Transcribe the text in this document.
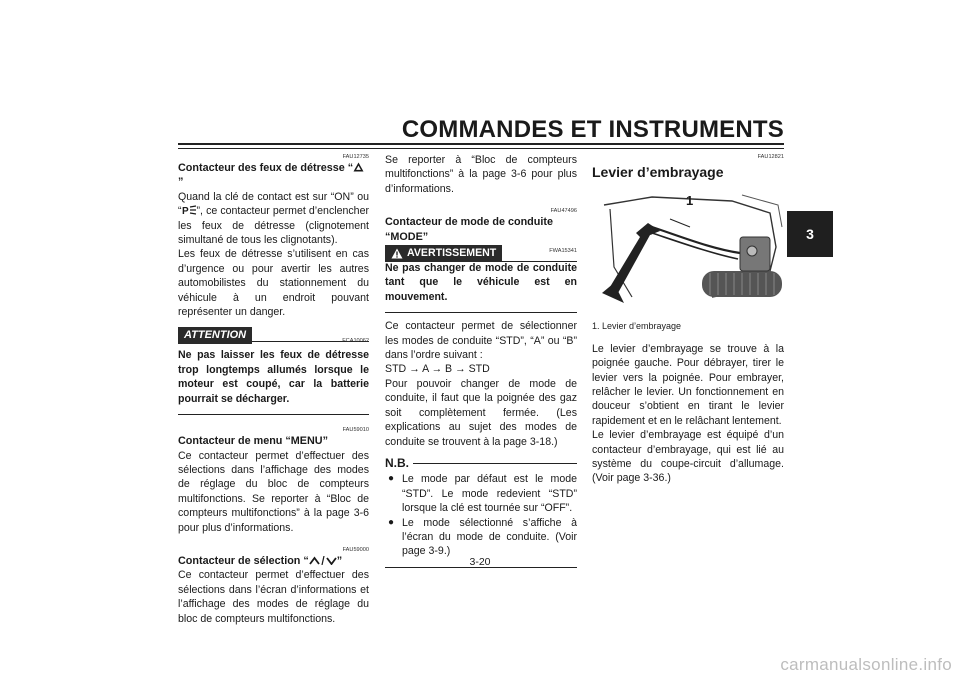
COMMANDES ET INSTRUMENTS
3
FAU12735
Contacteur des feux de détresse “”
Quand la clé de contact est sur “ON” ou “ P ”, ce contacteur permet d’enclencher les feux de détresse (clignotement simultané de tous les clignotants).
Les feux de détresse s’utilisent en cas d’urgence ou pour avertir les autres automobilistes du stationnement du véhicule à un endroit pouvant représenter un danger.
ATTENTION	FCA10062
Ne pas laisser les feux de détresse trop longtemps allumés lorsque le moteur est coupé, car la batterie pourrait se décharger.
FAU59010
Contacteur de menu “MENU”
Ce contacteur permet d’effectuer des sélections dans l’affichage des modes de réglage du bloc de compteurs multifonctions. Se reporter à “Bloc de compteurs multifonctions” à la page 3-6 pour plus d’informations.
FAU59000
Contacteur de sélection “	”
Ce contacteur permet d’effectuer des sélections dans l’écran d’informations et l’affichage des modes de réglage du bloc de compteurs multifonctions.
Se reporter à “Bloc de compteurs multifonctions” à la page 3-6 pour plus d’informations.
FAU47496
Contacteur de mode de conduite “MODE”
AVERTISSEMENT	FWA15341
Ne pas changer de mode de conduite tant que le véhicule est en mouvement.
Ce contacteur permet de sélectionner les modes de conduite “STD”, “A” ou “B” dans l’ordre suivant :
STD → A → B → STD
Pour pouvoir changer de mode de conduite, il faut que la poignée des gaz soit complètement fermée. (Les explications au sujet des modes de conduite se trouvent à la page 3-18.)
N.B.
● Le mode par défaut est le mode “STD”. Le mode redevient “STD” lorsque la clé est tournée sur “OFF”.
● Le mode sélectionné s’affiche à l’écran du mode de conduite. (Voir page 3-9.)
FAU12821
Levier d’embrayage
1
1. Levier d’embrayage
Le levier d’embrayage se trouve à la poignée gauche. Pour débrayer, tirer le levier vers la poignée. Pour embrayer, relâcher le levier. Un fonctionnement en douceur s’obtient en tirant le levier rapidement et en le relâchant lentement.
Le levier d’embrayage est équipé d’un contacteur d’embrayage, qui est lié au système du coupe-circuit d’allumage. (Voir page 3-36.)
3-20
carmanualsonline.info
